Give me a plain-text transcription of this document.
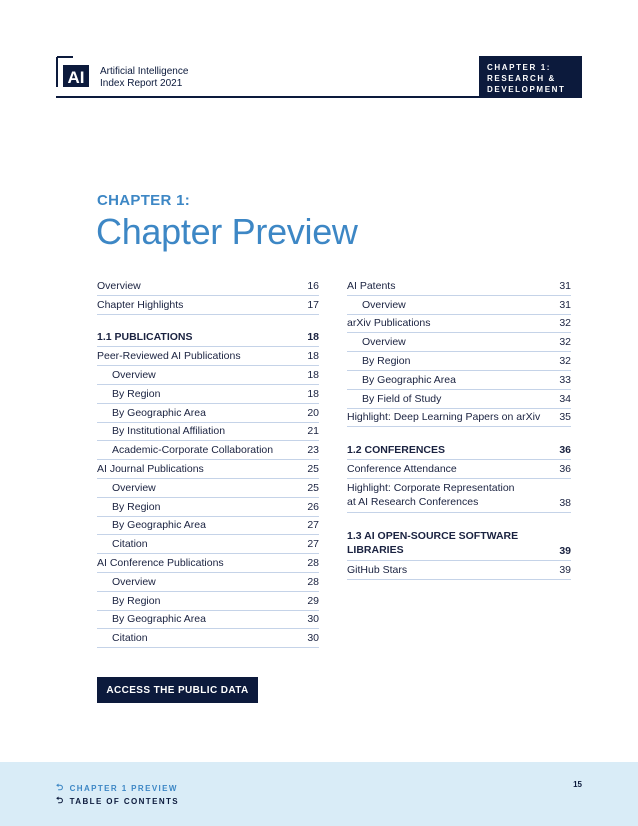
AI Artificial Intelligence
Index Report 2021
CHAPTER 1:
RESEARCH &
DEVELOPMENT
CHAPTER 1:
Chapter Preview
Overview	16
Chapter Highlights	17
1.1 PUBLICATIONS	18
Peer-Reviewed AI Publications	18
Overview	18
By Region	18
By Geographic Area	20
By Institutional Affiliation	21
Academic-Corporate Collaboration	23
AI Journal Publications	25
Overview	25
By Region	26
By Geographic Area	27
Citation	27
AI Conference Publications	28
Overview	28
By Region	29
By Geographic Area	30
Citation	30
AI Patents	31
Overview	31
arXiv Publications	32
Overview	32
By Region	32
By Geographic Area	33
By Field of Study	34
Highlight: Deep Learning Papers on arXiv 35
1.2 CONFERENCES	36
Conference Attendance	36
Highlight: Corporate Representation
at AI Research Conferences	38
1.3 AI OPEN-SOURCE SOFTWARE
LIBRARIES	39
GitHub Stars	39
ACCESS THE PUBLIC DATA
⮌ CHAPTER 1 PREVIEW
⮌ TABLE OF CONTENTS
15
